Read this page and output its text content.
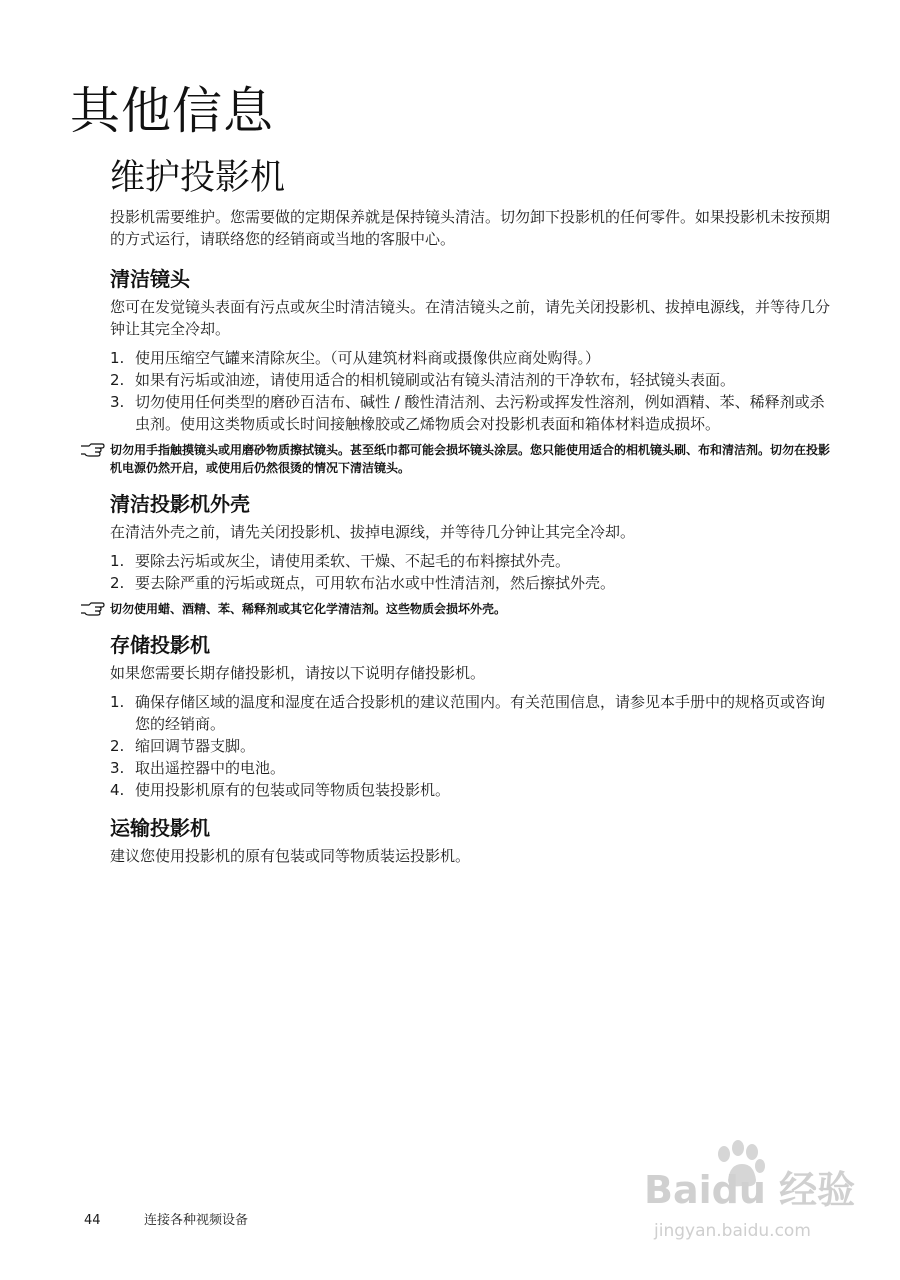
其他信息
维护投影机

投影机需要维护。您需要做的定期保养就是保持镜头清洁。切勿卸下投影机的任何零件。如果投影机未按预期的方式运行，请联络您的经销商或当地的客服中心。

清洁镜头

您可在发觉镜头表面有污点或灰尘时清洁镜头。在清洁镜头之前，请先关闭投影机、拔掉电源线，并等待几分钟让其完全冷却。

1. 使用压缩空气罐来清除灰尘。（可从建筑材料商或摄像供应商处购得。）
2. 如果有污垢或油迹，请使用适合的相机镜刷或沾有镜头清洁剂的干净软布，轻拭镜头表面。
3. 切勿使用任何类型的磨砂百洁布、碱性 / 酸性清洁剂、去污粉或挥发性溶剂，例如酒精、苯、稀释剂或杀虫剂。使用这类物质或长时间接触橡胶或乙烯物质会对投影机表面和箱体材料造成损坏。
切勿用手指触摸镜头或用磨砂物质擦拭镜头。甚至纸巾都可能会损坏镜头涂层。您只能使用适合的相机镜头刷、布和清洁剂。切勿在投影机电源仍然开启，或使用后仍然很烫的情况下清洁镜头。
清洁投影机外壳

在清洁外壳之前，请先关闭投影机、拔掉电源线，并等待几分钟让其完全冷却。

1. 要除去污垢或灰尘，请使用柔软、干燥、不起毛的布料擦拭外壳。
2. 要去除严重的污垢或斑点，可用软布沾水或中性清洁剂，然后擦拭外壳。
切勿使用蜡、酒精、苯、稀释剂或其它化学清洁剂。这些物质会损坏外壳。
存储投影机

如果您需要长期存储投影机，请按以下说明存储投影机。

1. 确保存储区域的温度和湿度在适合投影机的建议范围内。有关范围信息，请参见本手册中的规格页或咨询您的经销商。
2. 缩回调节器支脚。
3. 取出遥控器中的电池。
4. 使用投影机原有的包装或同等物质包装投影机。
运输投影机

建议您使用投影机的原有包装或同等物质装运投影机。

44	连接各种视频设备
Baidu 经验
jingyan.baidu.com
